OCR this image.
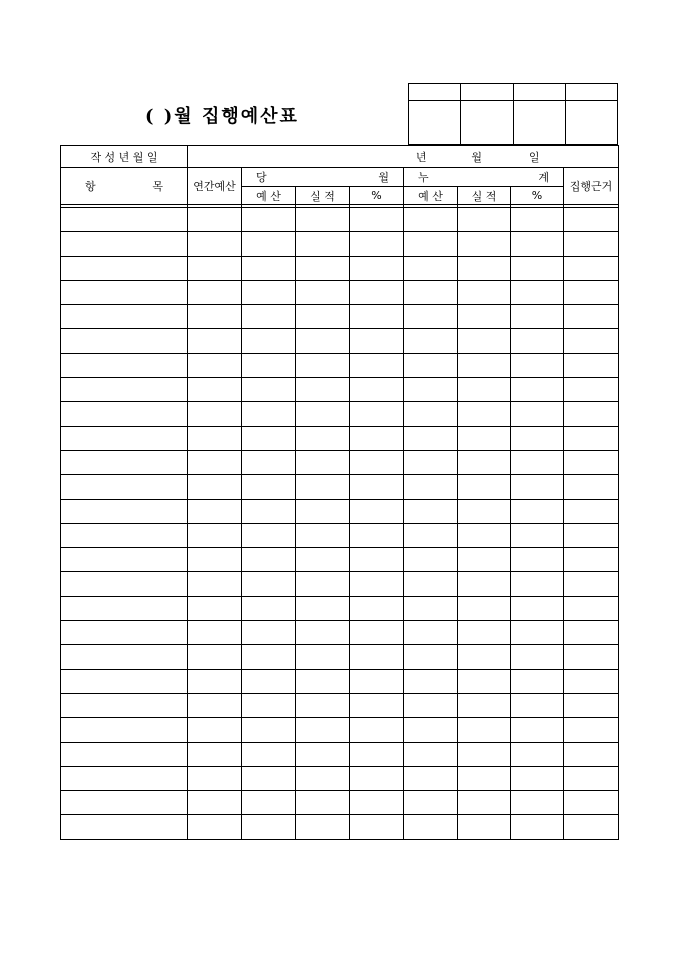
( )월 집행예산표

작 성 년 월 일	년 월 일							

항 목	연간예산	당 월			누 계			집행근거
		예 산	실 적	%	예 산	실 적	%	
